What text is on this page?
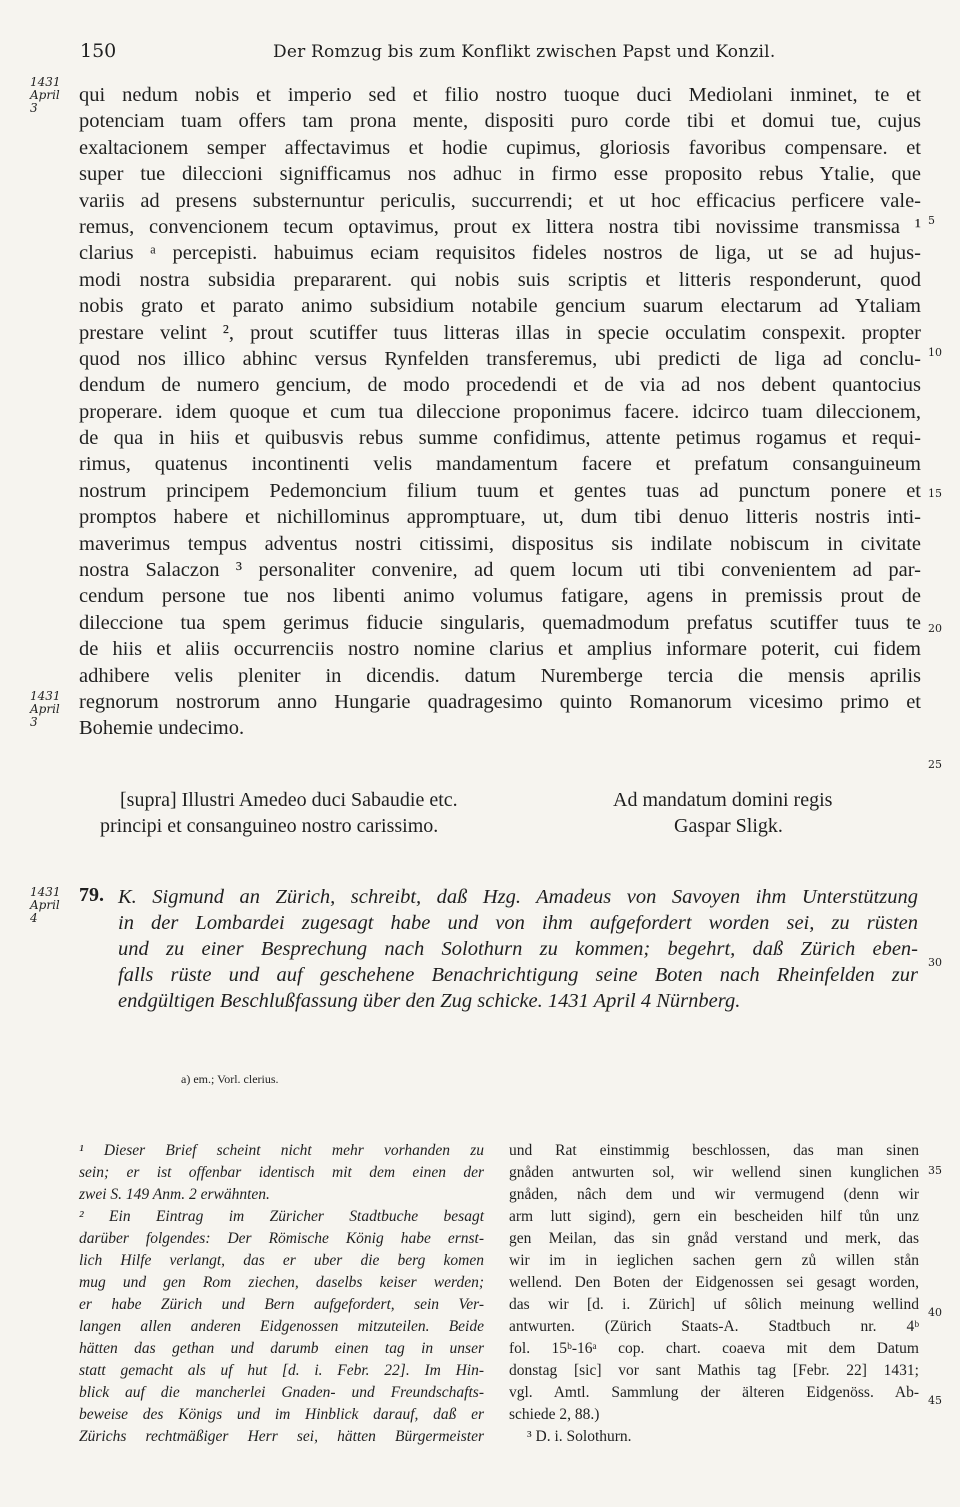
150	Der Romzug bis zum Konflikt zwischen Papst und Konzil.
1431 April 3
1431 April 3
1431 April 4
5
10
15
20
25
30
35
40
45
qui nedum nobis et imperio sed et filio nostro tuoque duci Mediolani inminet, te et
potenciam tuam offers tam prona mente, dispositi puro corde tibi et domui tue, cujus
exaltacionem semper affectavimus et hodie cupimus, gloriosis favoribus compensare. et
super tue dileccioni signifficamus nos adhuc in firmo esse proposito rebus Ytalie, que
variis ad presens substernuntur periculis, succurrendi; et ut hoc efficacius perficere vale-
remus, convencionem tecum optavimus, prout ex littera nostra tibi novissime transmissa ¹
clarius ᵃ percepisti. habuimus eciam requisitos fideles nostros de liga, ut se ad hujus-
modi nostra subsidia prepararent. qui nobis suis scriptis et litteris responderunt, quod
nobis grato et parato animo subsidium notabile gencium suarum electarum ad Ytaliam
prestare velint ², prout scutiffer tuus litteras illas in specie occulatim conspexit. propter
quod nos illico abhinc versus Rynfelden transferemus, ubi predicti de liga ad conclu-
dendum de numero gencium, de modo procedendi et de via ad nos debent quantocius
properare. idem quoque et cum tua dileccione proponimus facere. idcirco tuam dileccionem,
de qua in hiis et quibusvis rebus summe confidimus, attente petimus rogamus et requi-
rimus, quatenus incontinenti velis mandamentum facere et prefatum consanguineum
nostrum principem Pedemoncium filium tuum et gentes tuas ad punctum ponere et
promptos habere et nichillominus appromptuare, ut, dum tibi denuo litteris nostris inti-
maverimus tempus adventus nostri citissimi, dispositus sis indilate nobiscum in civitate
nostra Salaczon ³ personaliter convenire, ad quem locum uti tibi convenientem ad par-
cendum persone tue nos libenti animo volumus fatigare, agens in premissis prout de
dileccione tua spem gerimus fiducie singularis, quemadmodum prefatus scutiffer tuus te
de hiis et aliis occurrenciis nostro nomine clarius et amplius informare poterit, cui fidem
adhibere velis pleniter in dicendis. datum Nuremberge tercia die mensis aprilis
regnorum nostrorum anno Hungarie quadragesimo quinto Romanorum vicesimo primo et
Bohemie undecimo.
[supra] Illustri Amedeo duci Sabaudie etc.
principi et consanguineo nostro carissimo.
Ad mandatum domini regis
Gaspar Sligk.
79. K. Sigmund an Zürich, schreibt, daß Hzg. Amadeus von Savoyen ihm Unterstützung
in der Lombardei zugesagt habe und von ihm aufgefordert worden sei, zu rüsten
und zu einer Besprechung nach Solothurn zu kommen; begehrt, daß Zürich eben-
falls rüste und auf geschehene Benachrichtigung seine Boten nach Rheinfelden zur
endgültigen Beschlußfassung über den Zug schicke. 1431 April 4 Nürnberg.
a) em.; Vorl. clerius.
¹ Dieser Brief scheint nicht mehr vorhanden zu
sein; er ist offenbar identisch mit dem einen der
zwei S. 149 Anm. 2 erwähnten.
² Ein Eintrag im Züricher Stadtbuche besagt
darüber folgendes: Der Römische König habe ernst-
lich Hilfe verlangt, das er uber die berg komen
mug und gen Rom ziechen, daselbs keiser werden;
er habe Zürich und Bern aufgefordert, sein Ver-
langen allen anderen Eidgenossen mitzuteilen. Beide
hätten das gethan und darumb einen tag in unser
statt gemacht als uf hut [d. i. Febr. 22]. Im Hin-
blick auf die mancherlei Gnaden- und Freundschafts-
beweise des Königs und im Hinblick darauf, daß er
Zürichs rechtmäßiger Herr sei, hätten Bürgermeister
und Rat einstimmig beschlossen, das man sinen
gnåden antwurten sol, wir wellend sinen kunglichen
gnåden, nâch dem und wir vermugend (denn wir
arm lutt sigind), gern ein bescheiden hilf tůn unz
gen Meilan, das sin gnåd verstand und merk, das
wir im in ieglichen sachen gern zů willen stån
wellend. Den Boten der Eidgenossen sei gesagt worden,
das wir [d. i. Zürich] uf sôlich meinung wellind
antwurten. (Zürich Staats-A. Stadtbuch nr. 4ᵇ
fol. 15ᵇ-16ᵃ cop. chart. coaeva mit dem Datum
donstag [sic] vor sant Mathis tag [Febr. 22] 1431;
vgl. Amtl. Sammlung der älteren Eidgenöss. Ab-
schiede 2, 88.)
³ D. i. Solothurn.
